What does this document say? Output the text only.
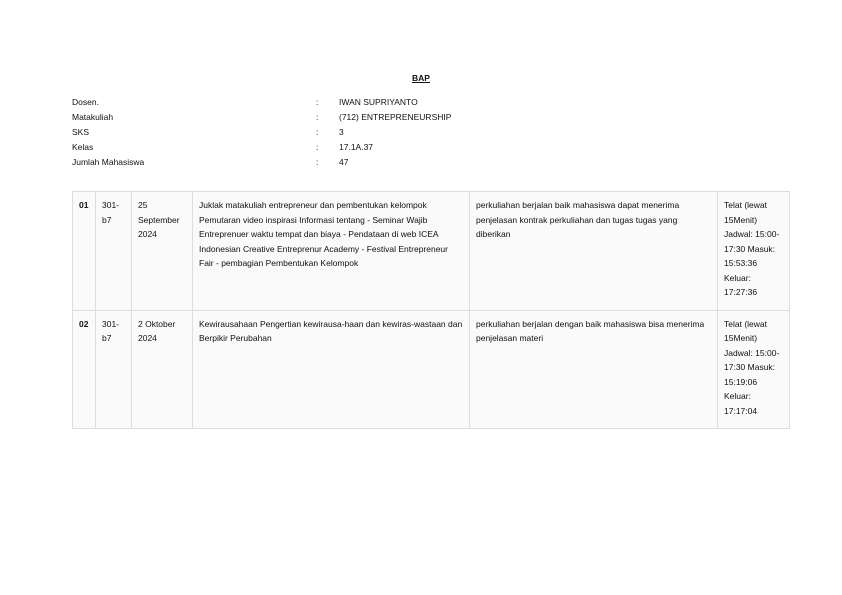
BAP
Dosen.	: IWAN SUPRIYANTO
Matakuliah	: (712) ENTREPRENEURSHIP
SKS	: 3
Kelas	: 17.1A.37
Jumlah Mahasiswa	: 47
01	301-b7	25 September 2024	Juklak matakuliah entrepreneur dan pembentukan kelompok Pemutaran video inspirasi Informasi tentang - Seminar Wajib Entreprenuer waktu tempat dan biaya - Pendataan di web ICEA Indonesian Creative Entreprenur Academy - Festival Entrepreneur Fair - pembagian Pembentukan Kelompok	perkuliahan berjalan baik mahasiswa dapat menerima penjelasan kontrak perkuliahan dan tugas tugas yang diberikan	Telat (lewat 15Menit) Jadwal: 15:00-17:30 Masuk: 15:53:36 Keluar: 17:27:36
02	301-b7	2 Oktober 2024	Kewirausahaan Pengertian kewirausa-haan dan kewiras-wastaan dan Berpikir Perubahan	perkuliahan berjalan dengan baik mahasiswa bisa menerima penjelasan materi	Telat (lewat 15Menit) Jadwal: 15:00-17:30 Masuk: 15:19:06 Keluar: 17:17:04
